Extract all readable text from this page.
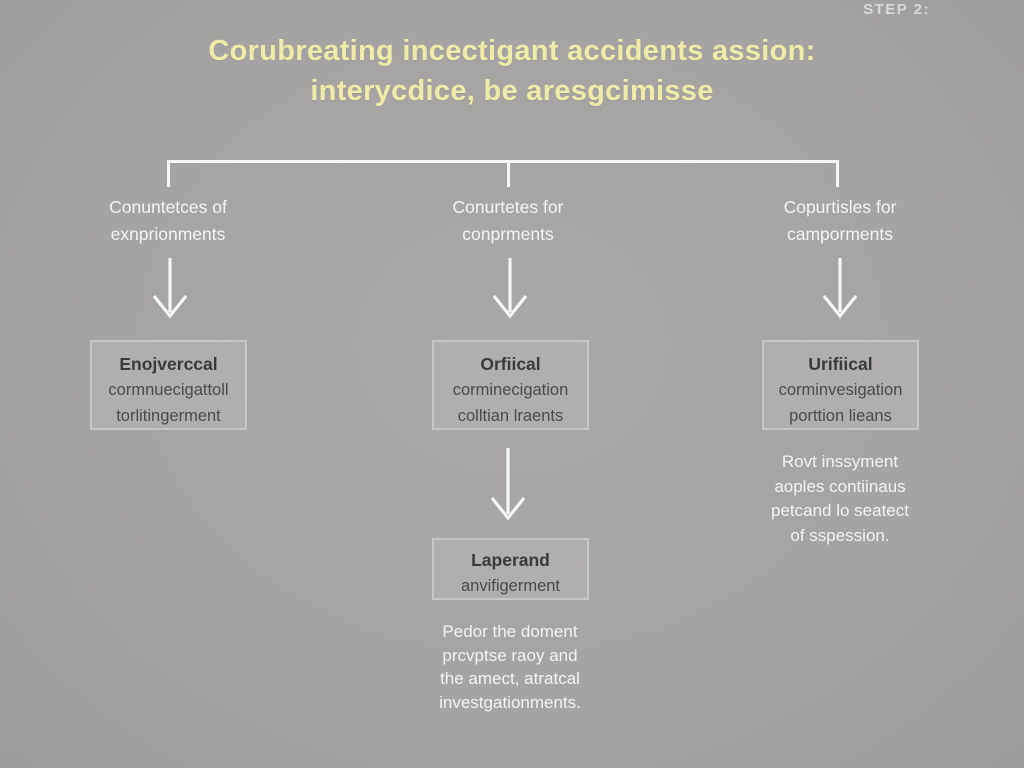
STEP 2:
Corubreating incectigant accidents assion:
interycdice, be aresgcimisse
Conuntetces of
exnprionments
Conurtetes for
conprments
Copurtisles for
camporments
Enojverccal
cormnuecigattoll
torlitingerment
Orfiical
corminecigation
colltian lraents
Urifiical
corminvesigation
porttion lieans
Rovt inssyment
aoples contiinaus
petcand lo seatect
of sspession.
Laperand
anvifigerment
Pedor the doment
prcvptse raoy and
the amect, atratcal
investgationments.
